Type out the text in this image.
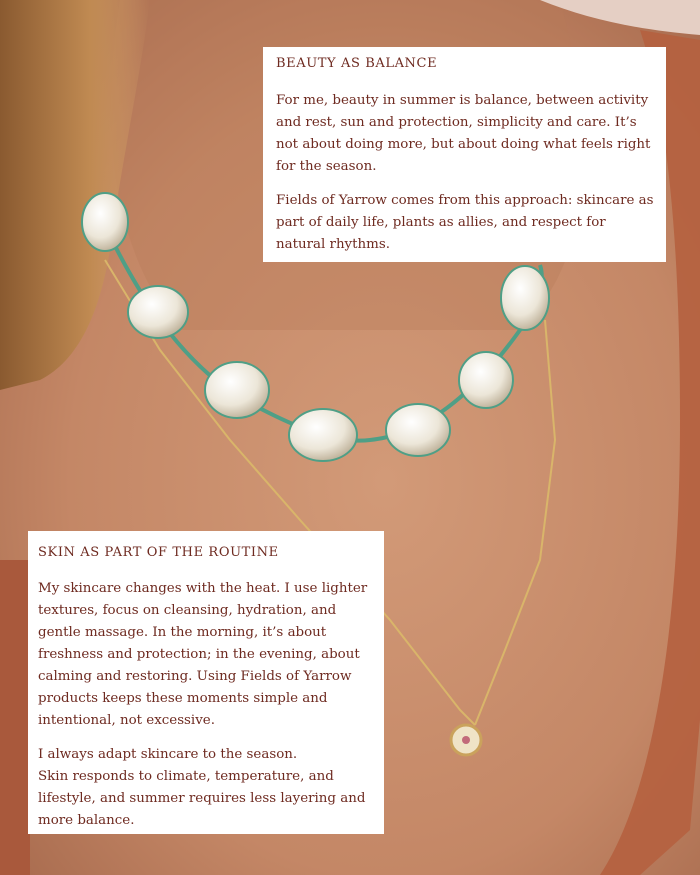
BEAUTY AS BALANCE

For me, beauty in summer is balance, between activity and rest, sun and protection, simplicity and care. It’s not about doing more, but about doing what feels right for the season.

Fields of Yarrow comes from this approach: skincare as part of daily life, plants as allies, and respect for natural rhythms.

SKIN AS PART OF THE ROUTINE

My skincare changes with the heat. I use lighter textures, focus on cleansing, hydration, and gentle massage. In the morning, it’s about freshness and protection; in the evening, about calming and restoring. Using Fields of Yarrow products keeps these moments simple and intentional, not excessive.

I always adapt skincare to the season.
Skin responds to climate, temperature, and lifestyle, and summer requires less layering and more balance.
